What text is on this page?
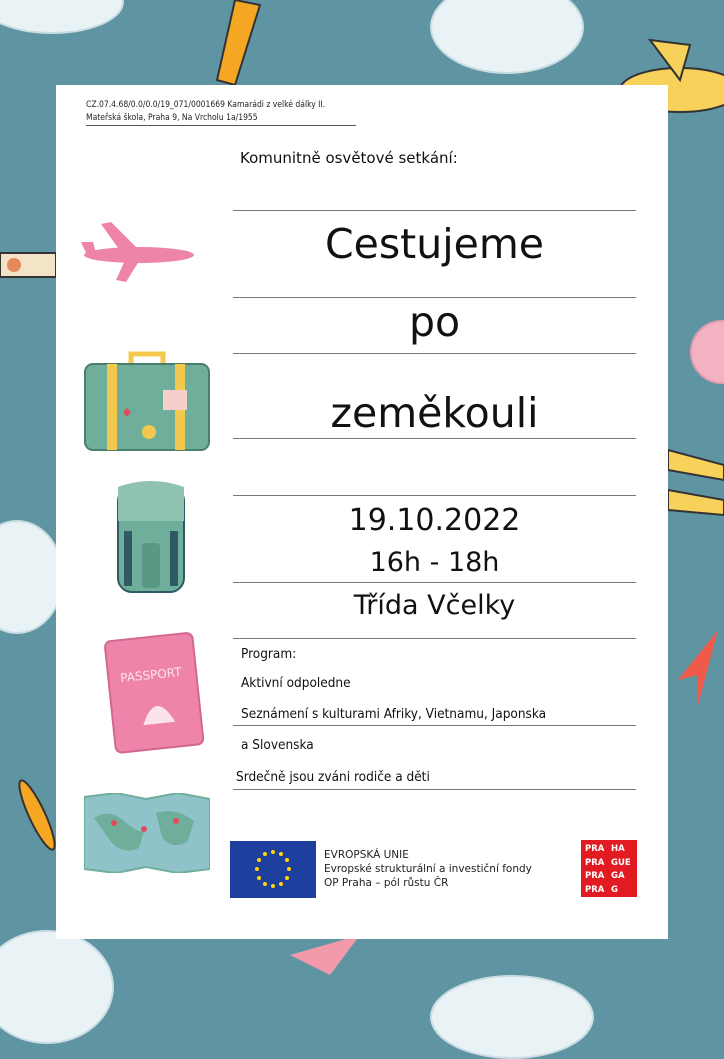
CZ.07.4.68/0.0/0.0/19_071/0001669 Kamarádi z velké dálky II.
Mateřská škola, Praha 9, Na Vrcholu 1a/1955
Komunitně osvětové setkání:
Cestujeme
po
zeměkouli
19.10.2022
16h - 18h
Třída Včelky
Program:
Aktivní odpoledne
Seznámení s kulturami Afriky, Vietnamu, Japonska
a Slovenska
Srdečně jsou zváni rodiče a děti
PASSPORT
EVROPSKÁ UNIE
Evropské strukturální a investiční fondy
OP Praha – pól růstu ČR
PRA HA
PRA GUE
PRA GA
PRA G
